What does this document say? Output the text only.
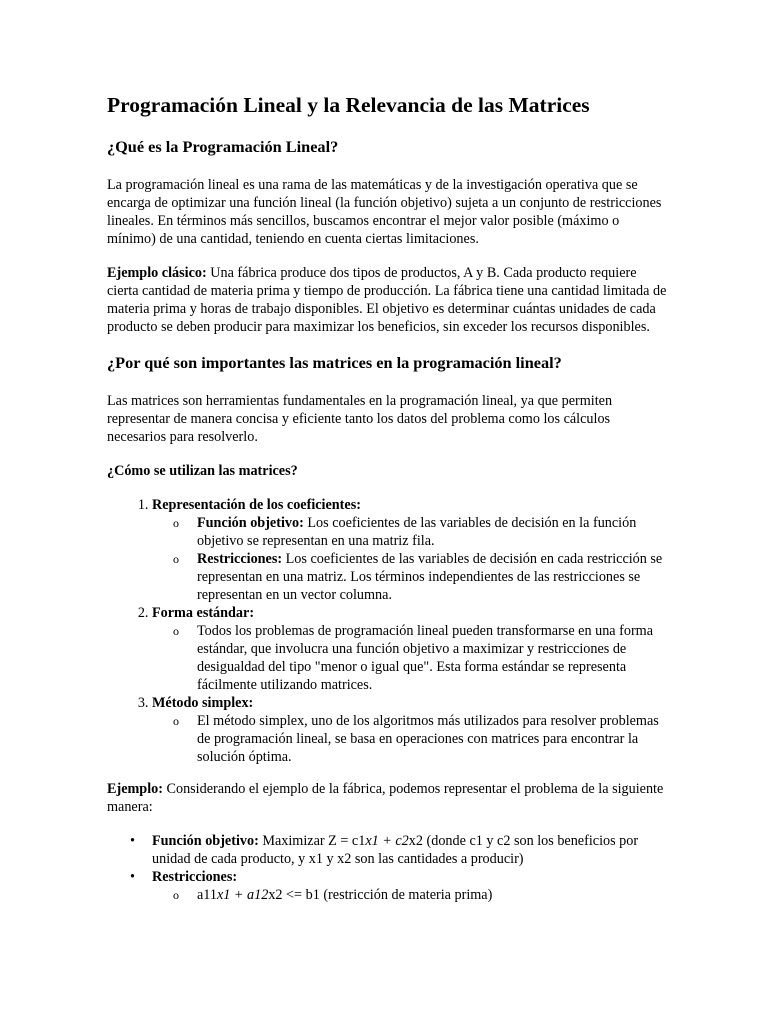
Programación Lineal y la Relevancia de las Matrices
¿Qué es la Programación Lineal?

La programación lineal es una rama de las matemáticas y de la investigación operativa que se encarga de optimizar una función lineal (la función objetivo) sujeta a un conjunto de restricciones lineales. En términos más sencillos, buscamos encontrar el mejor valor posible (máximo o mínimo) de una cantidad, teniendo en cuenta ciertas limitaciones.

Ejemplo clásico: Una fábrica produce dos tipos de productos, A y B. Cada producto requiere cierta cantidad de materia prima y tiempo de producción. La fábrica tiene una cantidad limitada de materia prima y horas de trabajo disponibles. El objetivo es determinar cuántas unidades de cada producto se deben producir para maximizar los beneficios, sin exceder los recursos disponibles.

¿Por qué son importantes las matrices en la programación lineal?

Las matrices son herramientas fundamentales en la programación lineal, ya que permiten representar de manera concisa y eficiente tanto los datos del problema como los cálculos necesarios para resolverlo.

¿Cómo se utilizan las matrices?
1. Representación de los coeficientes:
o Función objetivo: Los coeficientes de las variables de decisión en la función objetivo se representan en una matriz fila.
o Restricciones: Los coeficientes de las variables de decisión en cada restricción se representan en una matriz. Los términos independientes de las restricciones se representan en un vector columna.
2. Forma estándar:
o Todos los problemas de programación lineal pueden transformarse en una forma estándar, que involucra una función objetivo a maximizar y restricciones de desigualdad del tipo "menor o igual que". Esta forma estándar se representa fácilmente utilizando matrices.
3. Método simplex:
o El método simplex, uno de los algoritmos más utilizados para resolver problemas de programación lineal, se basa en operaciones con matrices para encontrar la solución óptima.

Ejemplo: Considerando el ejemplo de la fábrica, podemos representar el problema de la siguiente manera:

• Función objetivo: Maximizar Z = c1x1 + c2x2 (donde c1 y c2 son los beneficios por unidad de cada producto, y x1 y x2 son las cantidades a producir)
• Restricciones:
o a11x1 + a12x2 <= b1 (restricción de materia prima)
